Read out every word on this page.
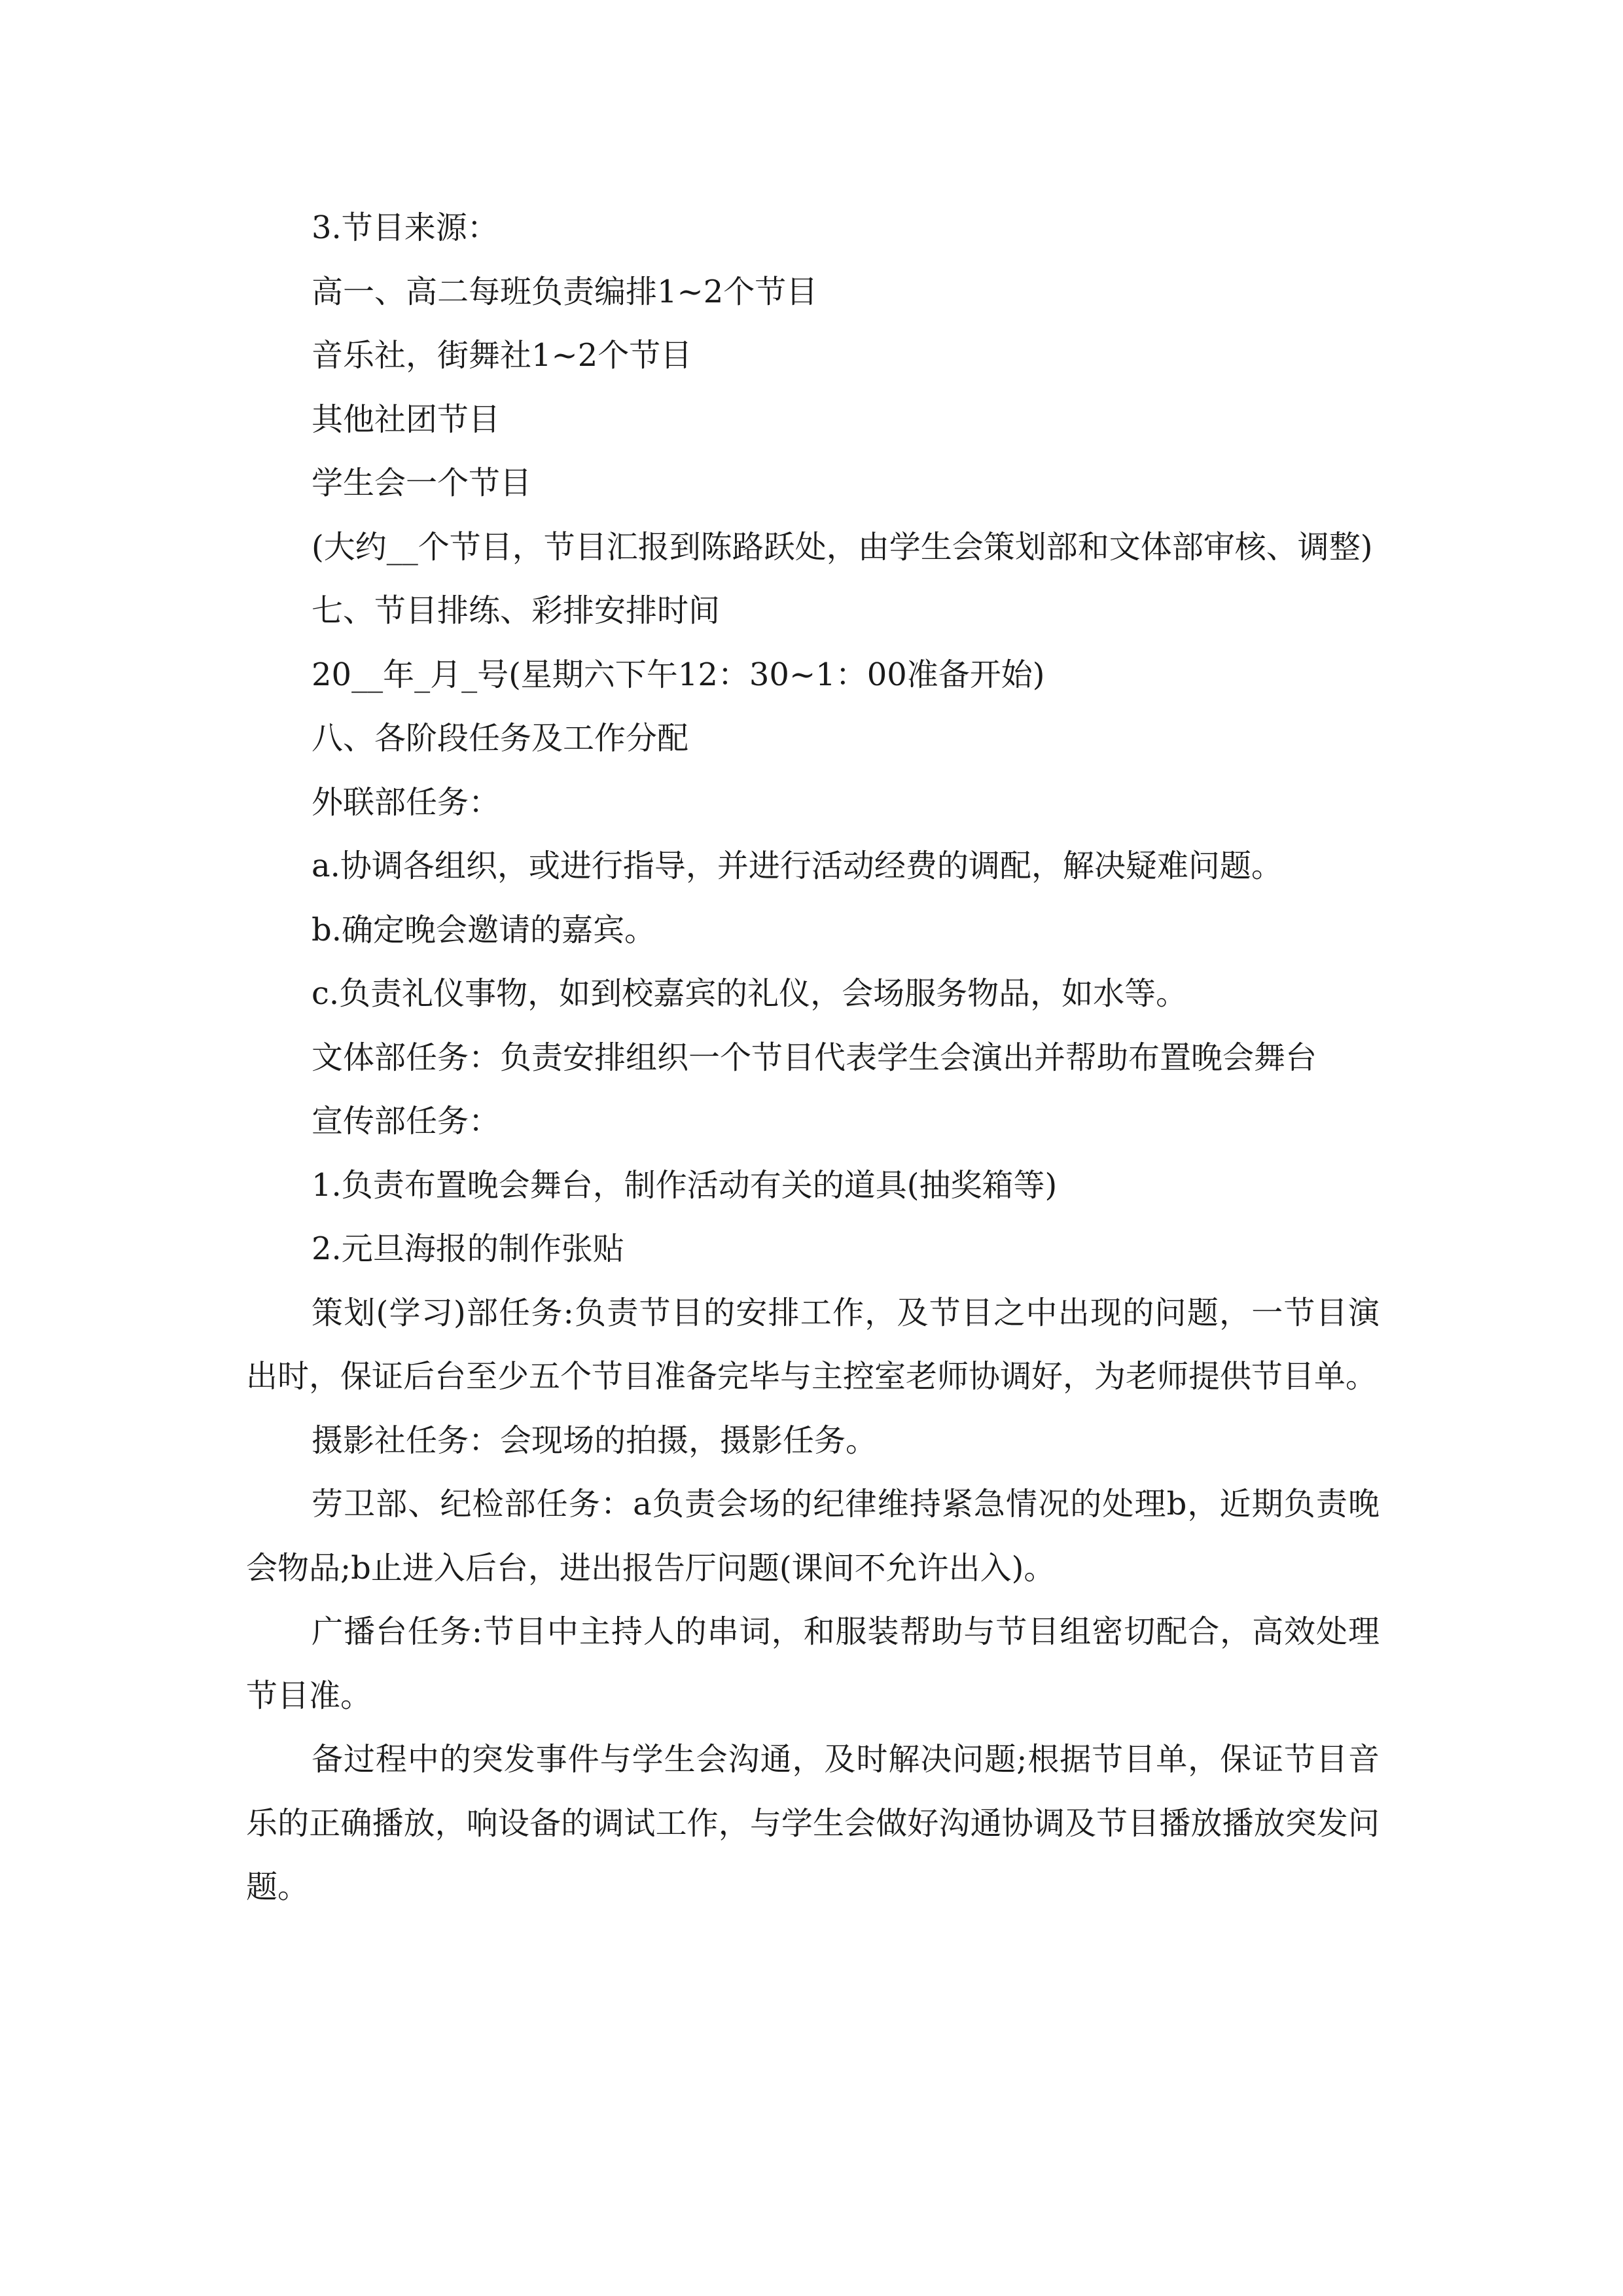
3.节目来源：

高一、高二每班负责编排1~2个节目

音乐社，街舞社1~2个节目

其他社团节目

学生会一个节目

(大约__个节目，节目汇报到陈路跃处，由学生会策划部和文体部审核、调整)

七、节目排练、彩排安排时间

20__年_月_号(星期六下午12：30~1：00准备开始)

八、各阶段任务及工作分配

外联部任务：

a.协调各组织，或进行指导，并进行活动经费的调配，解决疑难问题。

b.确定晚会邀请的嘉宾。

c.负责礼仪事物，如到校嘉宾的礼仪，会场服务物品，如水等。

文体部任务：负责安排组织一个节目代表学生会演出并帮助布置晚会舞台

宣传部任务：

1.负责布置晚会舞台，制作活动有关的道具(抽奖箱等)

2.元旦海报的制作张贴

策划(学习)部任务:负责节目的安排工作，及节目之中出现的问题，一节目演出时，保证后台至少五个节目准备完毕与主控室老师协调好，为老师提供节目单。

摄影社任务：会现场的拍摄，摄影任务。

劳卫部、纪检部任务：a负责会场的纪律维持紧急情况的处理b，近期负责晚会物品;b止进入后台，进出报告厅问题(课间不允许出入)。

广播台任务:节目中主持人的串词，和服装帮助与节目组密切配合，高效处理节目准。

备过程中的突发事件与学生会沟通，及时解决问题;根据节目单，保证节目音乐的正确播放，响设备的调试工作，与学生会做好沟通协调及节目播放播放突发问题。
